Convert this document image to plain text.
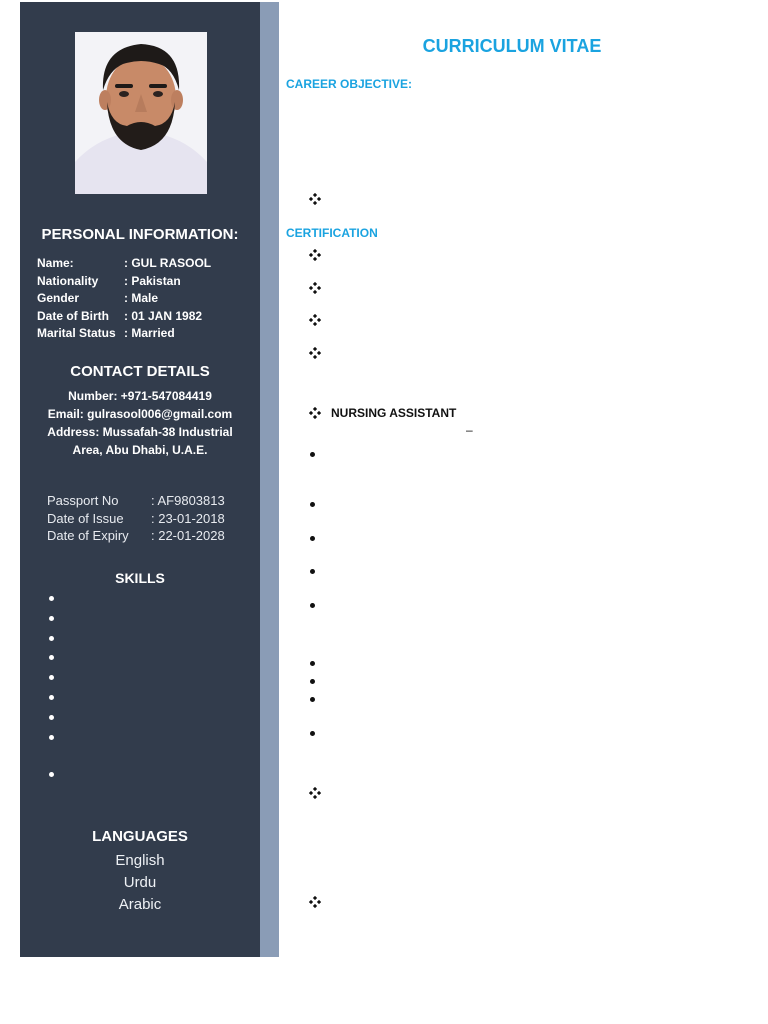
PERSONAL INFORMATION:
Name:	: GUL RASOOL
Nationality : Pakistan
Gender	: Male
Date of Birth : 01 JAN 1982
Marital Status : Married
CONTACT DETAILS
Number: +971-547084419
Email: gulrasool006@gmail.com
Address: Mussafah-38 Industrial
Area, Abu Dhabi, U.A.E.
Passport No : AF9803813
Date of Issue : 23-01-2018
Date of Expiry : 22-01-2028
SKILLS
LANGUAGES
English
Urdu
Arabic
CURRICULUM VITAE
CAREER OBJECTIVE:
CERTIFICATION
NURSING ASSISTANT
–
